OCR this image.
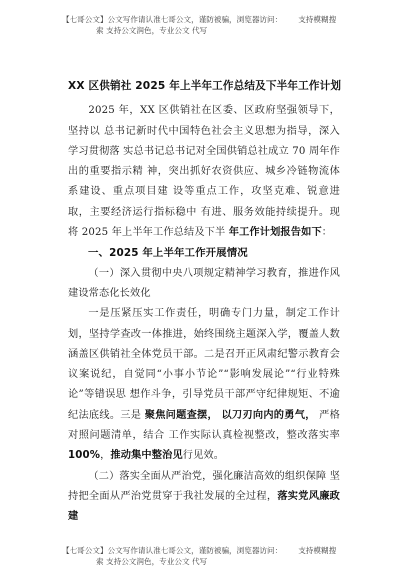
【七哥公文】公文写作请认准七哥公文，谨防被骗，浏览器访问： 支持模糊搜
索 支持公文润色，专业公文 代写
XX 区供销社 2025 年上半年工作总结及下半年工作计划

2025 年，XX 区供销社在区委、区政府坚强领导下，坚持以 总书记新时代中国特色社会主义思想为指导，深入学习贯彻落 实总书记总书记对全国供销总社成立 70 周年作出的重要指示精 神，突出抓好农资供应、城乡冷链物流体系建设、重点项目建 设等重点工作，攻坚克难、锐意进取，主要经济运行指标稳中 有进、服务效能持续提升。现将 2025 年上半年工作总结及下半 年工作计划报告如下：

一、2025 年上半年工作开展情况

（一）深入贯彻中央八项规定精神学习教育，推进作风建设常态化长效化

一是压紧压实工作责任，明确专门力量，制定工作计划，坚持学查改一体推进，始终围绕主题深入学，覆盖人数涵盖区供销社全体党员干部。二是召开正风肃纪警示教育会议案说纪，自觉同“小事小节论”“影响发展论”“行业特殊论”等错误思 想作斗争，引导党员干部严守纪律规矩、不逾纪法底线。三是 聚焦问题查摆， 以刀刃向内的勇气， 严格对照问题清单，结合 工作实际认真检视整改，整改落实率 100%，推动集中整治见行见效。

（二）落实全面从严治党，强化廉洁高效的组织保障 坚持把全面从严治党贯穿于我社发展的全过程，落实党风廉政建

【七哥公文】公文写作请认准七哥公文，谨防被骗，浏览器访问： 支持模糊搜
索 支持公文润色，专业公文 代写
